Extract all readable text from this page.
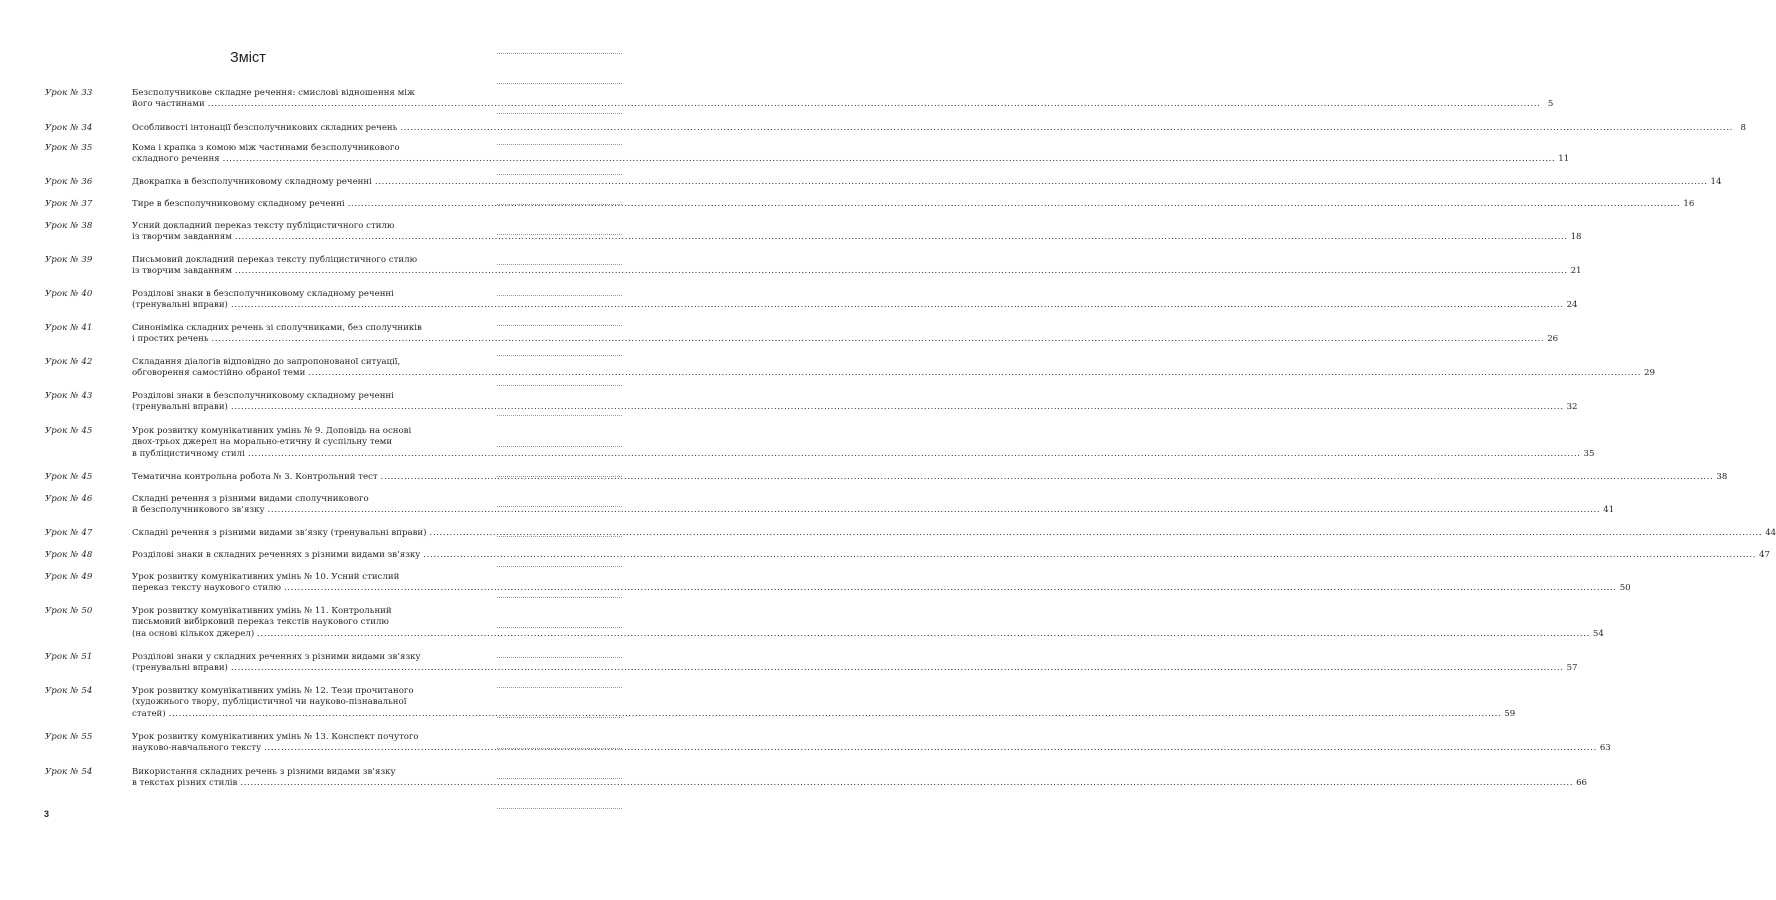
Зміст
Урок № 33	Безсполучникове складне речення: смислові відношення між
його частинами ................................................................................................................................................................................................................................................................................................................................................................................................................ 5
Урок № 34	Особливості інтонації безсполучникових складних речень ................................................................................................................................................................................................................................................................................................................................................................................................................ 8
Урок № 35	Кома і крапка з комою між частинами безсполучникового
складного речення ................................................................................................................................................................................................................................................................................................................................................................................................................ 11
Урок № 36	Двокрапка в безсполучниковому складному реченні ................................................................................................................................................................................................................................................................................................................................................................................................................ 14
Урок № 37	Тире в безсполучниковому складному реченні ................................................................................................................................................................................................................................................................................................................................................................................................................ 16
Урок № 38	Усний докладний переказ тексту публіцистичного стилю
із творчим завданням ................................................................................................................................................................................................................................................................................................................................................................................................................ 18
Урок № 39	Письмовий докладний переказ тексту публіцистичного стилю
із творчим завданням ................................................................................................................................................................................................................................................................................................................................................................................................................ 21
Урок № 40	Розділові знаки в безсполучниковому складному реченні
(тренувальні вправи) ................................................................................................................................................................................................................................................................................................................................................................................................................ 24
Урок № 41	Синоніміка складних речень зі сполучниками, без сполучників
і простих речень ................................................................................................................................................................................................................................................................................................................................................................................................................ 26
Урок № 42	Складання діалогів відповідно до запропонованої ситуації,
обговорення самостійно обраної теми ................................................................................................................................................................................................................................................................................................................................................................................................................ 29
Урок № 43	Розділові знаки в безсполучниковому складному реченні
(тренувальні вправи) ................................................................................................................................................................................................................................................................................................................................................................................................................ 32
Урок № 45	Урок розвитку комунікативних умінь № 9. Доповідь на основі
двох-трьох джерел на морально-етичну й суспільну теми
в публіцистичному стилі ................................................................................................................................................................................................................................................................................................................................................................................................................ 35
Урок № 45	Тематична контрольна робота № 3. Контрольний тест ................................................................................................................................................................................................................................................................................................................................................................................................................ 38
Урок № 46	Складні речення з різними видами сполучникового
й безсполучникового зв’язку ................................................................................................................................................................................................................................................................................................................................................................................................................ 41
Урок № 47	Складні речення з різними видами зв’язку (тренувальні вправи) ................................................................................................................................................................................................................................................................................................................................................................................................................ 44
Урок № 48	Розділові знаки в складних реченнях з різними видами зв’язку ................................................................................................................................................................................................................................................................................................................................................................................................................ 47
Урок № 49	Урок розвитку комунікативних умінь № 10. Усний стислий
переказ тексту наукового стилю ................................................................................................................................................................................................................................................................................................................................................................................................................ 50
Урок № 50	Урок розвитку комунікативних умінь № 11. Контрольний
письмовий вибірковий переказ текстів наукового стилю
(на основі кількох джерел) ................................................................................................................................................................................................................................................................................................................................................................................................................ 54
Урок № 51	Розділові знаки у складних реченнях з різними видами зв’язку
(тренувальні вправи) ................................................................................................................................................................................................................................................................................................................................................................................................................ 57
Урок № 54	Урок розвитку комунікативних умінь № 12. Тези прочитаного
(художнього твору, публіцистичної чи науково-пізнавальної
статей) ................................................................................................................................................................................................................................................................................................................................................................................................................ 59
Урок № 55	Урок розвитку комунікативних умінь № 13. Конспект почутого
науково-навчального тексту ................................................................................................................................................................................................................................................................................................................................................................................................................ 63
Урок № 54	Використання складних речень з різними видами зв’язку
в текстах різних стилів ................................................................................................................................................................................................................................................................................................................................................................................................................ 66
3
